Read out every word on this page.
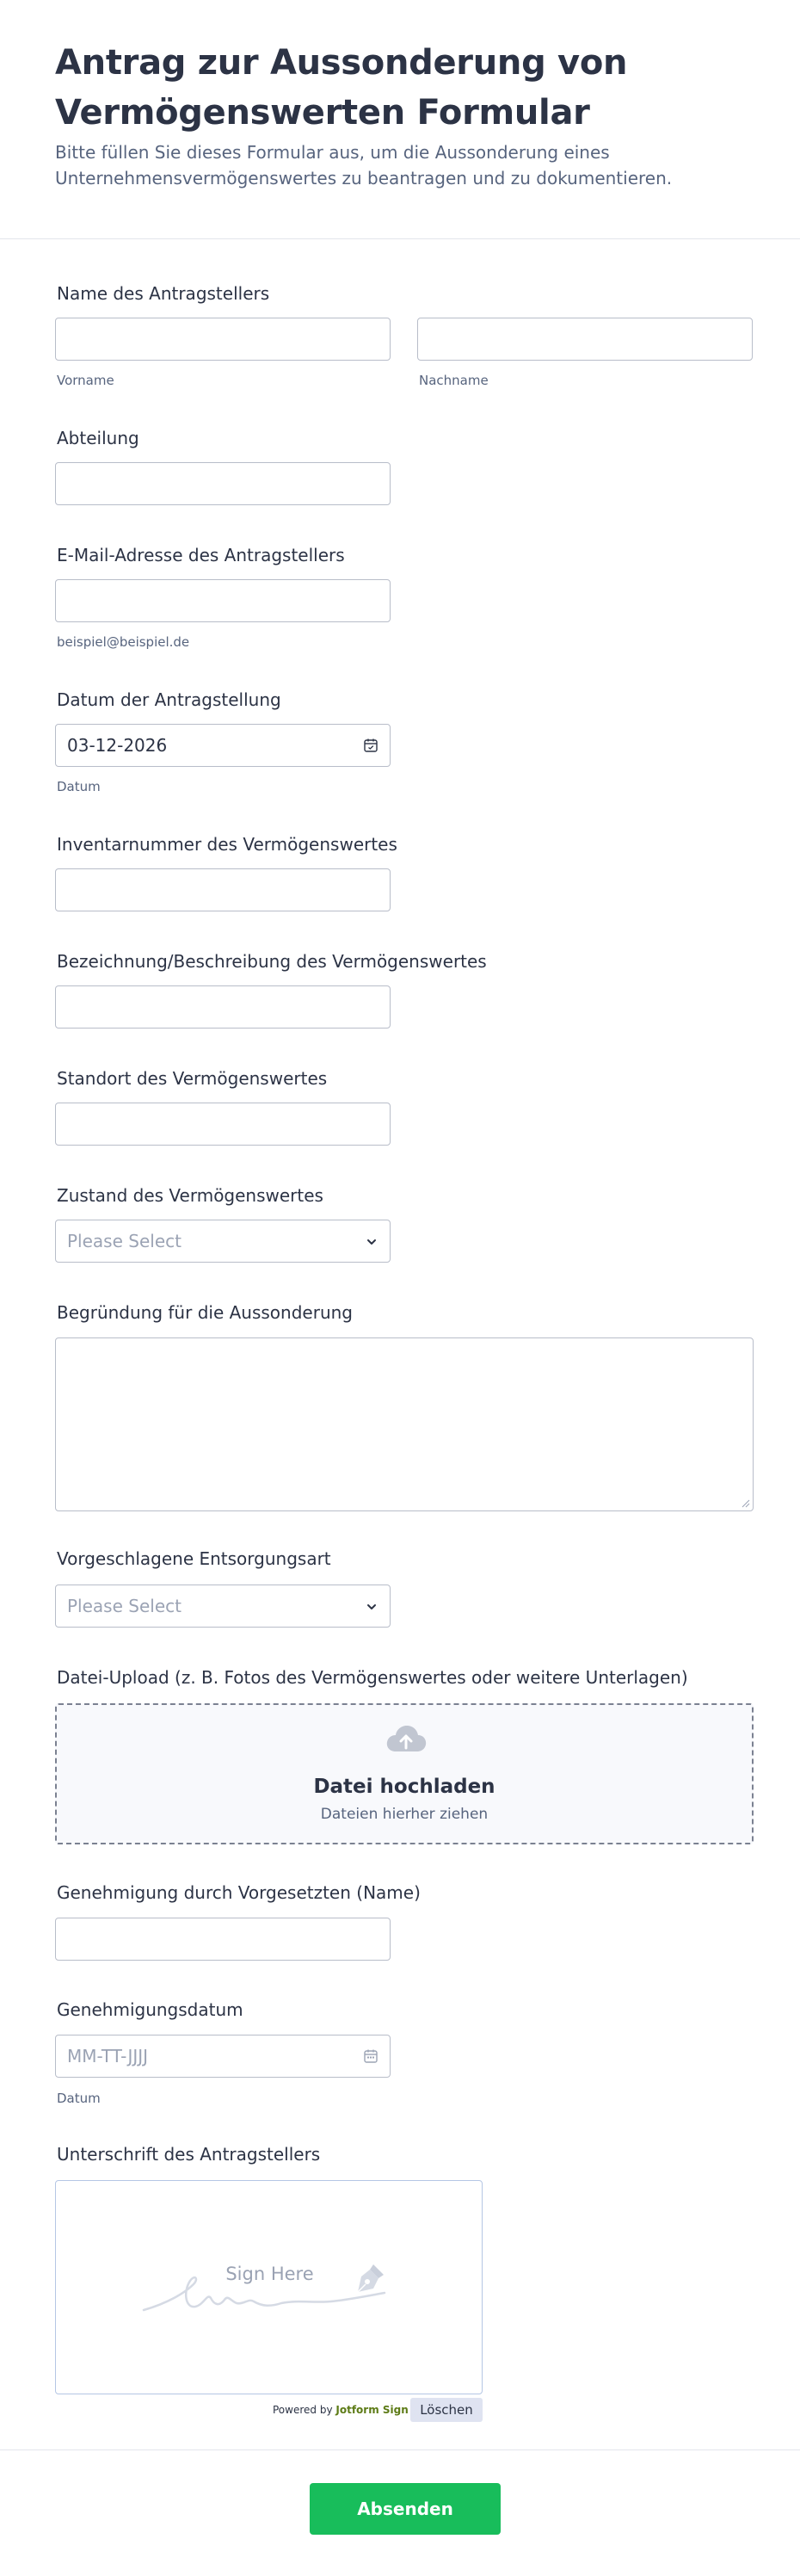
Antrag zur Aussonderung von Vermögenswerten Formular

Bitte füllen Sie dieses Formular aus, um die Aussonderung eines Unternehmensvermögenswertes zu beantragen und zu dokumentieren.

Name des Antragstellers
Vorname	Nachname
Abteilung
E-Mail-Adresse des Antragstellers
beispiel@beispiel.de
Datum der Antragstellung
03-12-2026
Datum
Inventarnummer des Vermögenswertes
Bezeichnung/Beschreibung des Vermögenswertes
Standort des Vermögenswertes
Zustand des Vermögenswertes
Please Select
Begründung für die Aussonderung
Vorgeschlagene Entsorgungsart
Please Select
Datei-Upload (z. B. Fotos des Vermögenswertes oder weitere Unterlagen)
Datei hochladen
Dateien hierher ziehen
Genehmigung durch Vorgesetzten (Name)
Genehmigungsdatum
MM-TT-JJJJ
Datum
Unterschrift des Antragstellers
Sign Here
Powered by Jotform Sign Löschen
Absenden
